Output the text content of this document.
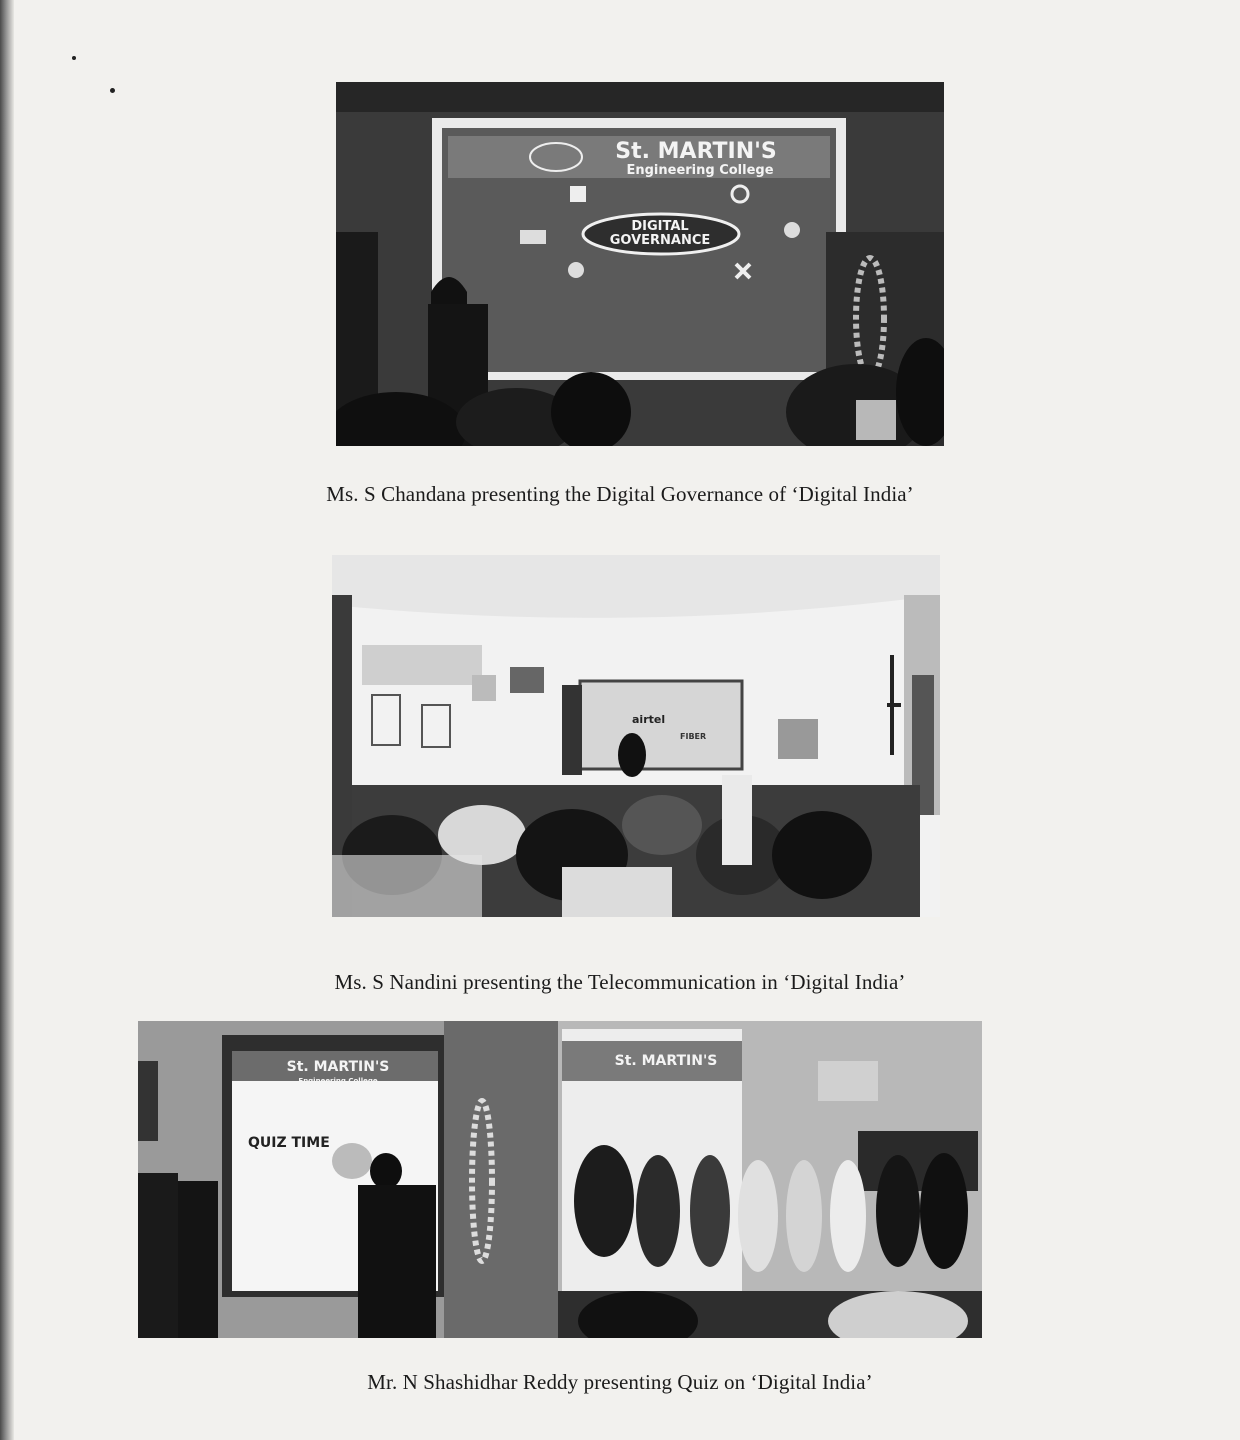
St. MARTIN'S
Engineering College
DIGITAL
GOVERNANCE
Ms. S Chandana presenting the Digital Governance of ‘Digital India’
airtel
FIBER
Ms. S Nandini presenting the Telecommunication in ‘Digital India’
St. MARTIN'S
Engineering College
QUIZ TIME
St. MARTIN'S
Mr. N Shashidhar Reddy presenting Quiz on ‘Digital India’
